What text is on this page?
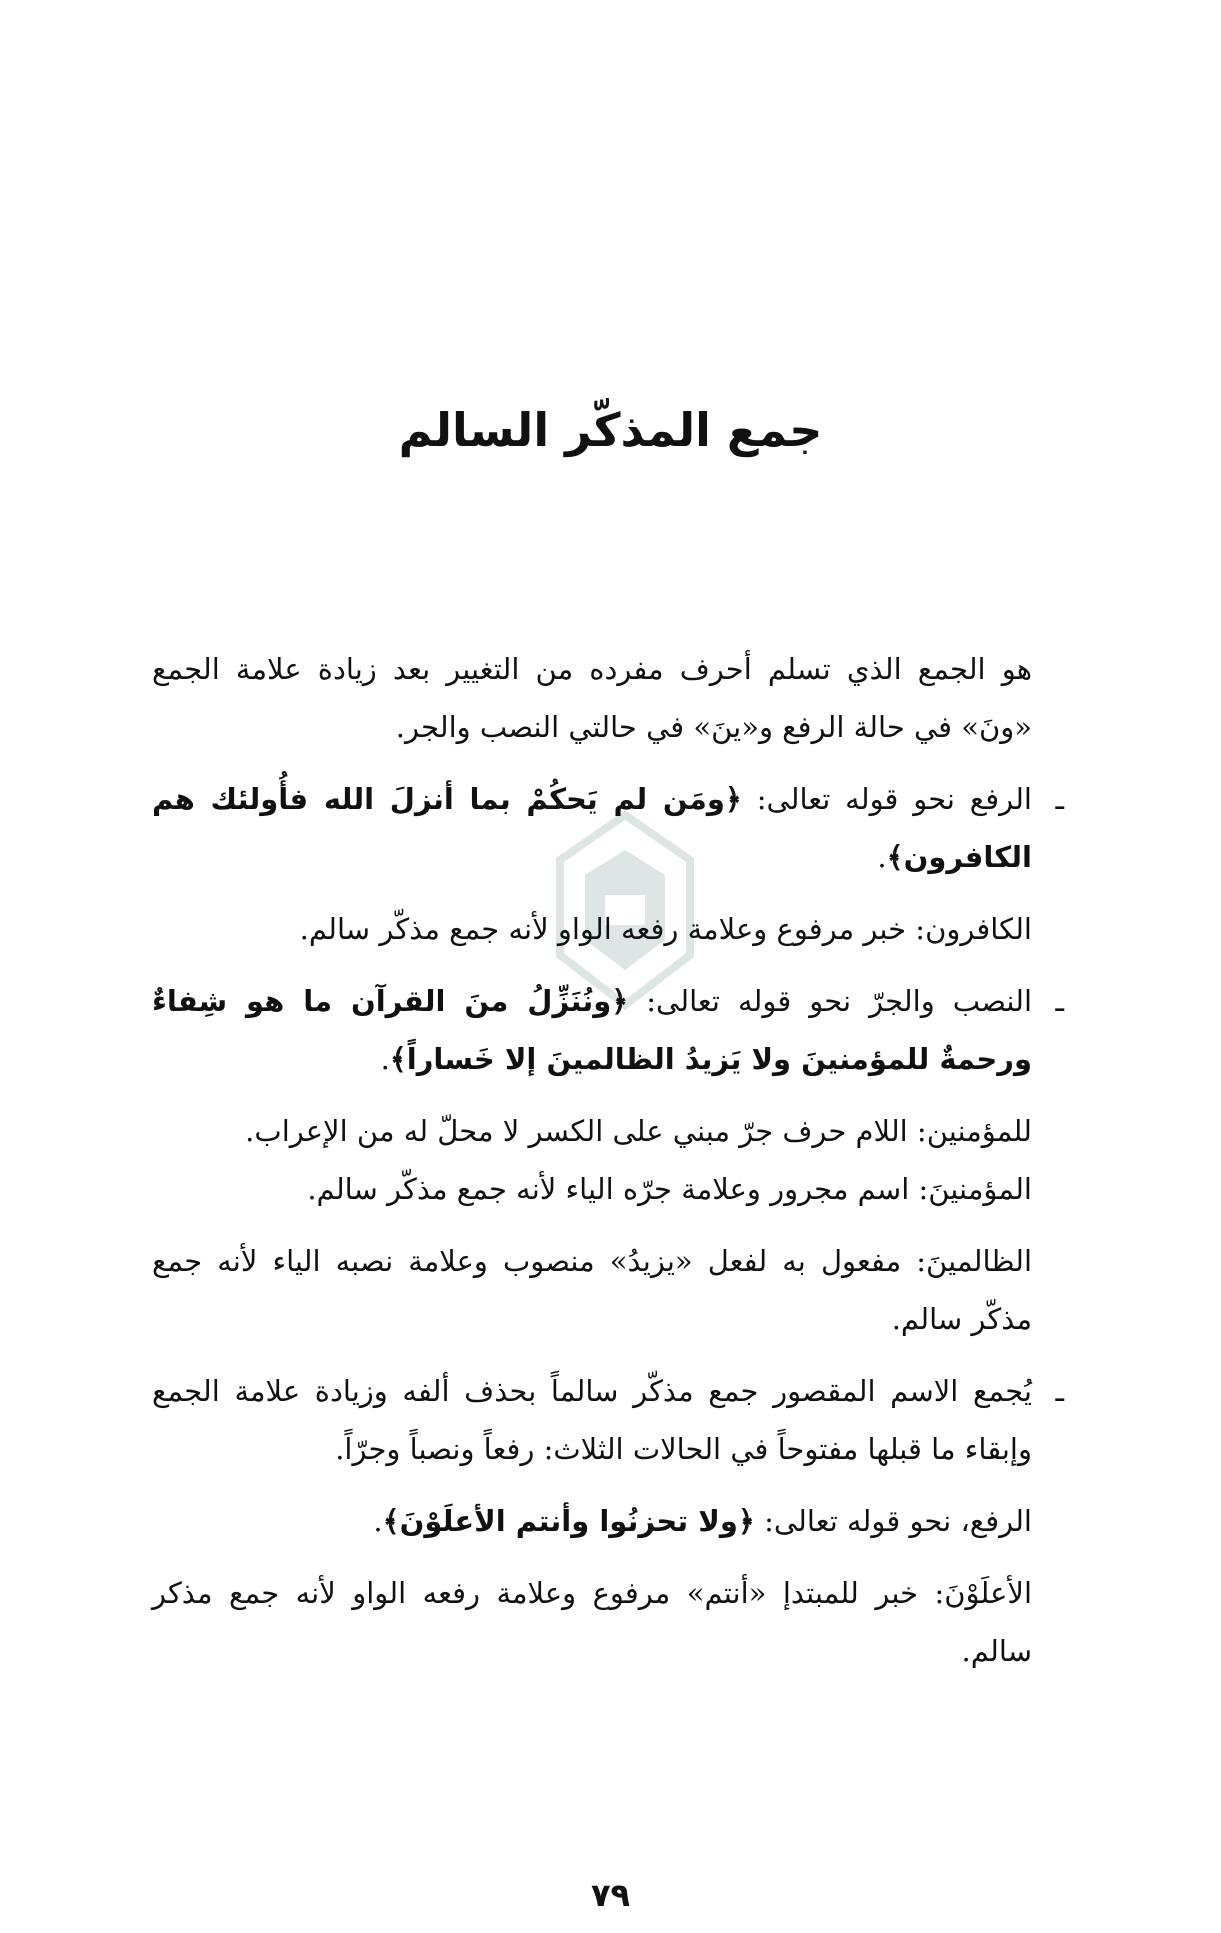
جمع المذكّر السالم

هو الجمع الذي تسلم أحرف مفرده من التغيير بعد زيادة علامة الجمع «ونَ» في حالة الرفع و«ينَ» في حالتي النصب والجر.

ـ
الرفع نحو قوله تعالى: ﴿ومَن لم يَحكُمْ بما أنزلَ الله فأُولئك هم الكافرون﴾.

الكافرون: خبر مرفوع وعلامة رفعه الواو لأنه جمع مذكّر سالم.

ـ
النصب والجرّ نحو قوله تعالى: ﴿ونُنَزِّلُ منَ القرآن ما هو شِفاءٌ ورحمةٌ للمؤمنينَ ولا يَزيدُ الظالمينَ إلا خَساراً﴾.

للمؤمنين: اللام حرف جرّ مبني على الكسر لا محلّ له من الإعراب.
المؤمنينَ: اسم مجرور وعلامة جرّه الياء لأنه جمع مذكّر سالم.

الظالمينَ: مفعول به لفعل «يزيدُ» منصوب وعلامة نصبه الياء لأنه جمع مذكّر سالم.

ـ
يُجمع الاسم المقصور جمع مذكّر سالماً بحذف ألفه وزيادة علامة الجمع وإبقاء ما قبلها مفتوحاً في الحالات الثلاث: رفعاً ونصباً وجرّاً.

الرفع، نحو قوله تعالى: ﴿ولا تحزنُوا وأنتم الأعلَوْنَ﴾.

الأعلَوْنَ: خبر للمبتدإ «أنتم» مرفوع وعلامة رفعه الواو لأنه جمع مذكر سالم.

٧٩
